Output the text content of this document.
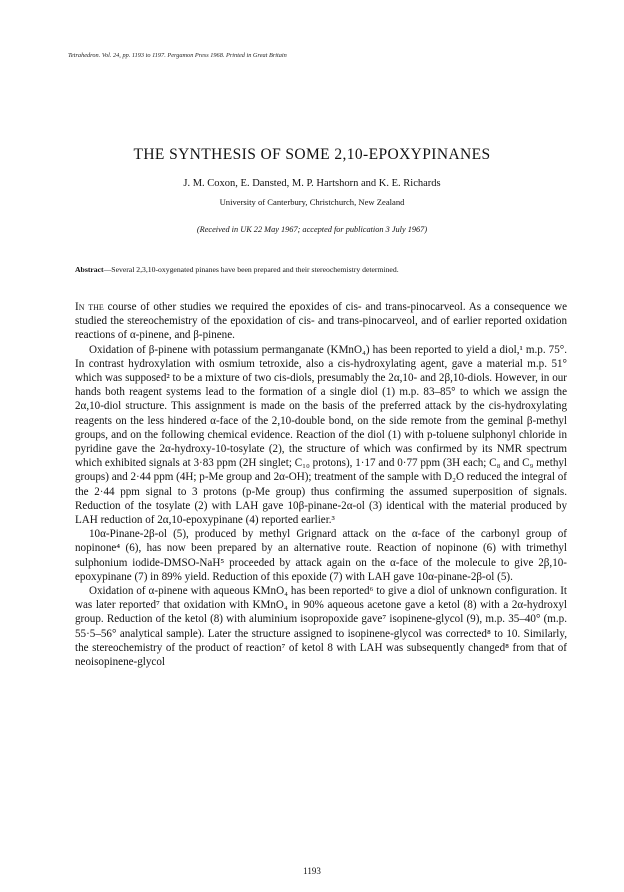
Tetrahedron. Vol. 24, pp. 1193 to 1197. Pergamon Press 1968. Printed in Great Britain
THE SYNTHESIS OF SOME 2,10-EPOXYPINANES
J. M. Coxon, E. Dansted, M. P. Hartshorn and K. E. Richards
University of Canterbury, Christchurch, New Zealand
(Received in UK 22 May 1967; accepted for publication 3 July 1967)
Abstract—Several 2,3,10-oxygenated pinanes have been prepared and their stereochemistry determined.

In the course of other studies we required the epoxides of cis- and trans-pinocarveol. As a consequence we studied the stereochemistry of the epoxidation of cis- and trans-pinocarveol, and of earlier reported oxidation reactions of α-pinene, and β-pinene.

Oxidation of β-pinene with potassium permanganate (KMnO₄) has been reported to yield a diol,¹ m.p. 75°. In contrast hydroxylation with osmium tetroxide, also a cis-hydroxylating agent, gave a material m.p. 51° which was supposed² to be a mixture of two cis-diols, presumably the 2α,10- and 2β,10-diols. However, in our hands both reagent systems lead to the formation of a single diol (1) m.p. 83–85° to which we assign the 2α,10-diol structure. This assignment is made on the basis of the preferred attack by the cis-hydroxylating reagents on the less hindered α-face of the 2,10-double bond, on the side remote from the geminal β-methyl groups, and on the following chemical evidence. Reaction of the diol (1) with p-toluene sulphonyl chloride in pyridine gave the 2α-hydroxy-10-tosylate (2), the structure of which was confirmed by its NMR spectrum which exhibited signals at 3·83 ppm (2H singlet; C₁₀ protons), 1·17 and 0·77 ppm (3H each; C₈ and C₉ methyl groups) and 2·44 ppm (4H; p-Me group and 2α-OH); treatment of the sample with D₂O reduced the integral of the 2·44 ppm signal to 3 protons (p-Me group) thus confirming the assumed superposition of signals. Reduction of the tosylate (2) with LAH gave 10β-pinane-2α-ol (3) identical with the material produced by LAH reduction of 2α,10-epoxypinane (4) reported earlier.³

10α-Pinane-2β-ol (5), produced by methyl Grignard attack on the α-face of the carbonyl group of nopinone⁴ (6), has now been prepared by an alternative route. Reaction of nopinone (6) with trimethyl sulphonium iodide-DMSO-NaH⁵ proceeded by attack again on the α-face of the molecule to give 2β,10-epoxypinane (7) in 89% yield. Reduction of this epoxide (7) with LAH gave 10α-pinane-2β-ol (5).

Oxidation of α-pinene with aqueous KMnO₄ has been reported⁶ to give a diol of unknown configuration. It was later reported⁷ that oxidation with KMnO₄ in 90% aqueous acetone gave a ketol (8) with a 2α-hydroxyl group. Reduction of the ketol (8) with aluminium isopropoxide gave⁷ isopinene-glycol (9), m.p. 35–40° (m.p. 55·5–56° analytical sample). Later the structure assigned to isopinene-glycol was corrected⁸ to 10. Similarly, the stereochemistry of the product of reaction⁷ of ketol 8 with LAH was subsequently changed⁸ from that of neoisopinene-glycol

1193
